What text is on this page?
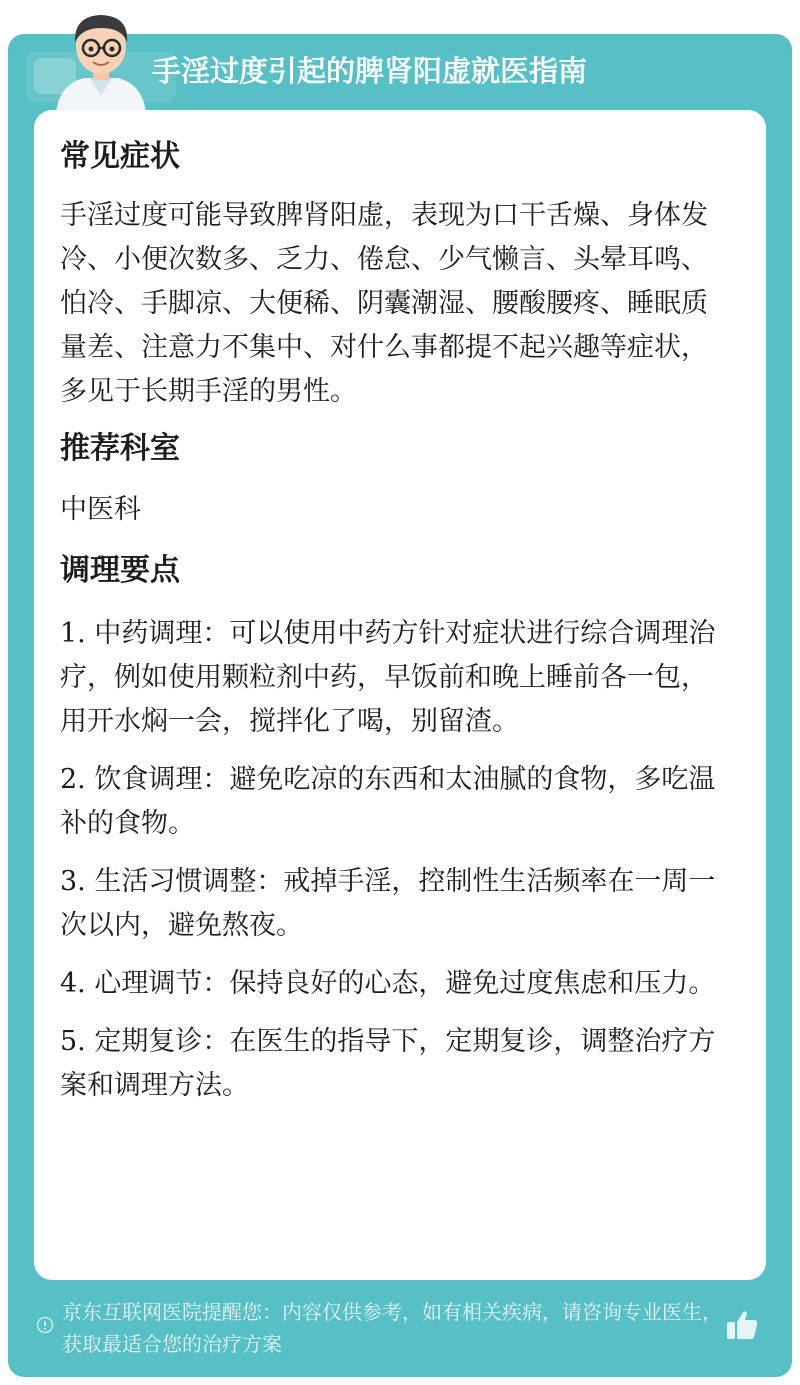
手淫过度引起的脾肾阳虚就医指南
常见症状

手淫过度可能导致脾肾阳虚，表现为口干舌燥、身体发冷、小便次数多、乏力、倦怠、少气懒言、头晕耳鸣、怕冷、手脚凉、大便稀、阴囊潮湿、腰酸腰疼、睡眠质量差、注意力不集中、对什么事都提不起兴趣等症状，多见于长期手淫的男性。

推荐科室

中医科

调理要点

1. 中药调理：可以使用中药方针对症状进行综合调理治疗，例如使用颗粒剂中药，早饭前和晚上睡前各一包，用开水焖一会，搅拌化了喝，别留渣。

2. 饮食调理：避免吃凉的东西和太油腻的食物，多吃温补的食物。

3. 生活习惯调整：戒掉手淫，控制性生活频率在一周一次以内，避免熬夜。

4. 心理调节：保持良好的心态，避免过度焦虑和压力。

5. 定期复诊：在医生的指导下，定期复诊，调整治疗方案和调理方法。

京东互联网医院提醒您：内容仅供参考，如有相关疾病，请咨询专业医生，获取最适合您的治疗方案
